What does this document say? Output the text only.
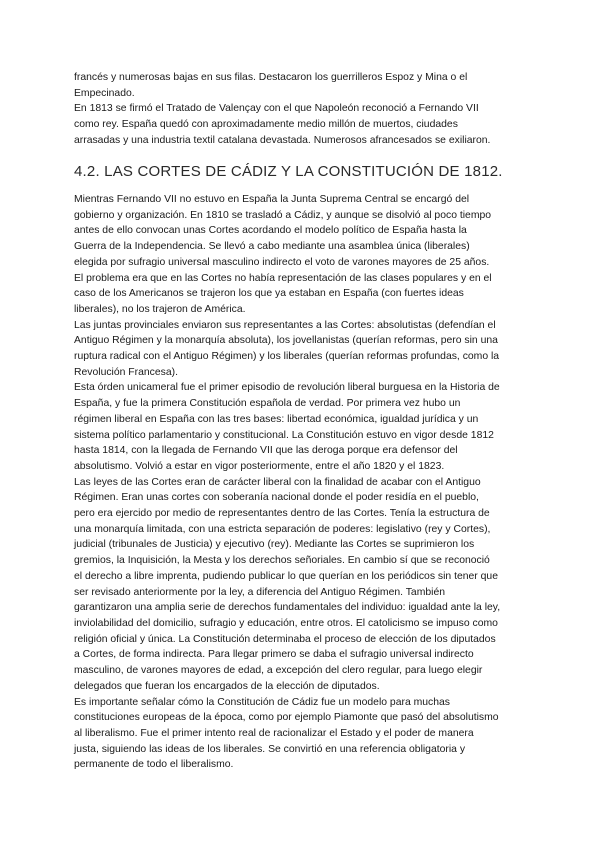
francés y numerosas bajas en sus filas. Destacaron los guerrilleros Espoz y Mina o el

Empecinado.

En 1813 se firmó el Tratado de Valençay con el que Napoleón reconoció a Fernando VII

como rey. España quedó con aproximadamente medio millón de muertos, ciudades

arrasadas y una industria textil catalana devastada. Numerosos afrancesados se exiliaron.

4.2. LAS CORTES DE CÁDIZ Y LA CONSTITUCIÓN DE 1812.

Mientras Fernando VII no estuvo en España la Junta Suprema Central se encargó del

gobierno y organización. En 1810 se trasladó a Cádiz, y aunque se disolvió al poco tiempo

antes de ello convocan unas Cortes acordando el modelo político de España hasta la

Guerra de la Independencia. Se llevó a cabo mediante una asamblea única (liberales)

elegida por sufragio universal masculino indirecto el voto de varones mayores de 25 años.

El problema era que en las Cortes no había representación de las clases populares y en el

caso de los Americanos se trajeron los que ya estaban en España (con fuertes ideas

liberales), no los trajeron de América.

Las juntas provinciales enviaron sus representantes a las Cortes: absolutistas (defendían el

Antiguo Régimen y la monarquía absoluta), los jovellanistas (querían reformas, pero sin una

ruptura radical con el Antiguo Régimen) y los liberales (querían reformas profundas, como la

Revolución Francesa).

Esta órden unicameral fue el primer episodio de revolución liberal burguesa en la Historia de

España, y fue la primera Constitución española de verdad. Por primera vez hubo un

régimen liberal en España con las tres bases: libertad económica, igualdad jurídica y un

sistema político parlamentario y constitucional. La Constitución estuvo en vigor desde 1812

hasta 1814, con la llegada de Fernando VII que las deroga porque era defensor del

absolutismo. Volvió a estar en vigor posteriormente, entre el año 1820 y el 1823.

Las leyes de las Cortes eran de carácter liberal con la finalidad de acabar con el Antiguo

Régimen. Eran unas cortes con soberanía nacional donde el poder residía en el pueblo,

pero era ejercido por medio de representantes dentro de las Cortes. Tenía la estructura de

una monarquía limitada, con una estricta separación de poderes: legislativo (rey y Cortes),

judicial (tribunales de Justicia) y ejecutivo (rey). Mediante las Cortes se suprimieron los

gremios, la Inquisición, la Mesta y los derechos señoriales. En cambio sí que se reconoció

el derecho a libre imprenta, pudiendo publicar lo que querían en los periódicos sin tener que

ser revisado anteriormente por la ley, a diferencia del Antiguo Régimen. También

garantizaron una amplia serie de derechos fundamentales del individuo: igualdad ante la ley,

inviolabilidad del domicilio, sufragio y educación, entre otros. El catolicismo se impuso como

religión oficial y única. La Constitución determinaba el proceso de elección de los diputados

a Cortes, de forma indirecta. Para llegar primero se daba el sufragio universal indirecto

masculino, de varones mayores de edad, a excepción del clero regular, para luego elegir

delegados que fueran los encargados de la elección de diputados.

Es importante señalar cómo la Constitución de Cádiz fue un modelo para muchas

constituciones europeas de la época, como por ejemplo Piamonte que pasó del absolutismo

al liberalismo. Fue el primer intento real de racionalizar el Estado y el poder de manera

justa, siguiendo las ideas de los liberales. Se convirtió en una referencia obligatoria y

permanente de todo el liberalismo.
